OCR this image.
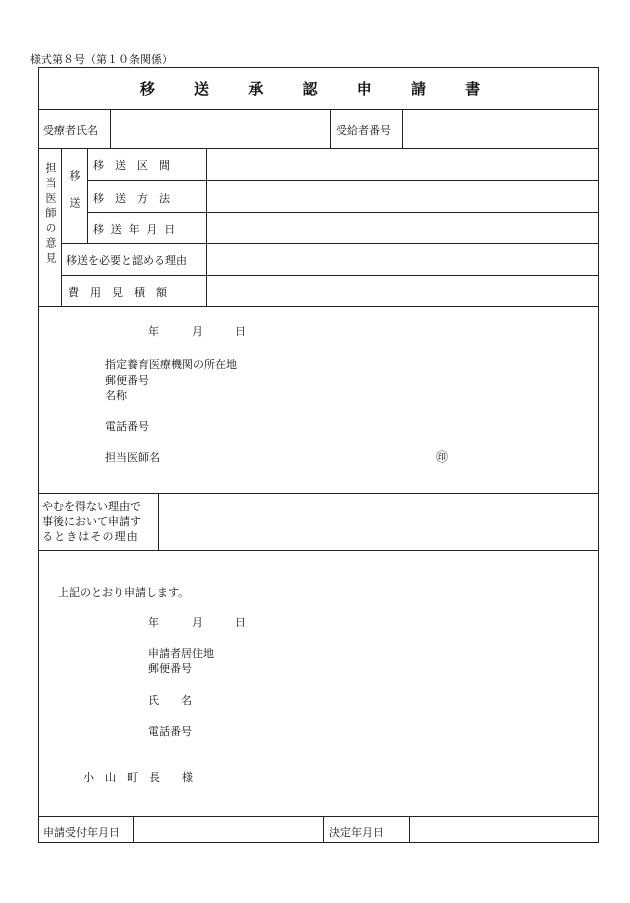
様式第８号（第１０条関係）
移 送 承 認 申 請 書
受療者氏名	受給者番号
担当医師の意見 移送
移　送　区　間
移　送　方　法
移送年月日
移送を必要と認める理由
費　用　見　積　額
年	月	日
指定養育医療機関の所在地
郵便番号
名称
電話番号
担当医師名	㊞
やむを得ない理由で
事後において申請す
るときはその理由
上記のとおり申請します。
年	月	日
申請者居住地
郵便番号
氏　　名
電話番号
小　山　町　長　　様
申請受付年月日	決定年月日
